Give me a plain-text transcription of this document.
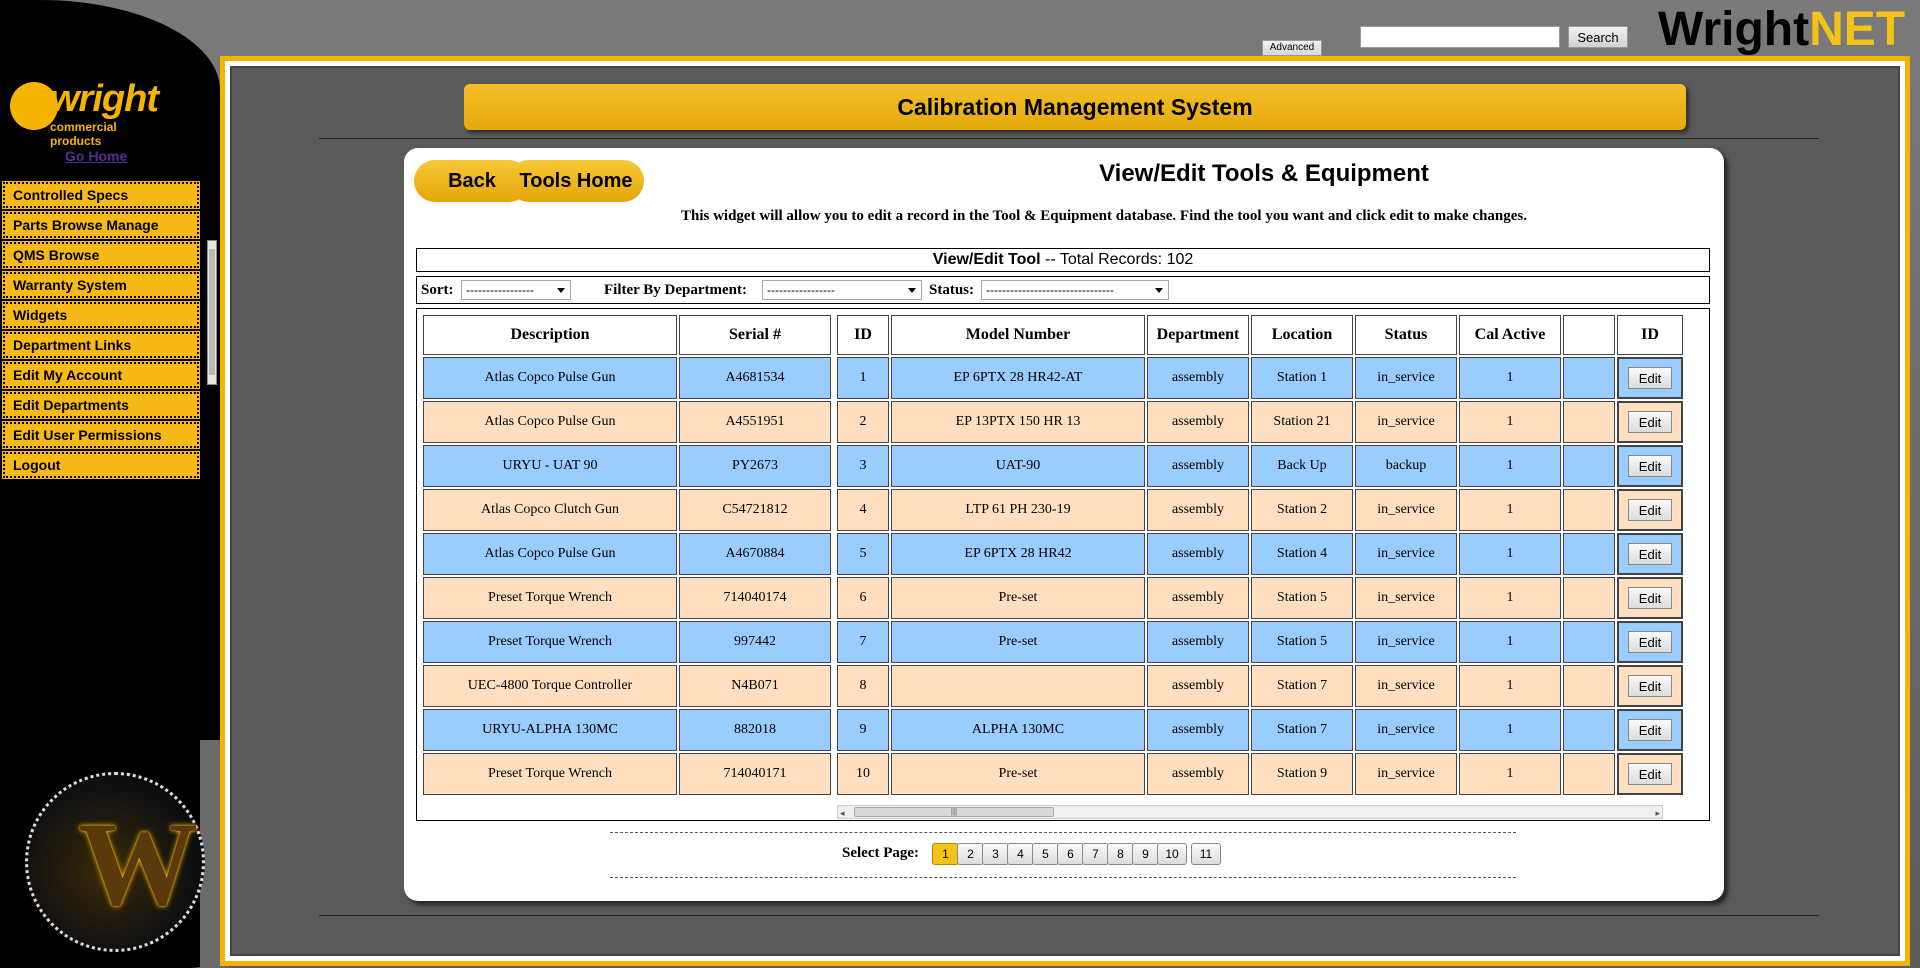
wright
commercial products
Go Home
Controlled Specs
Parts Browse Manage
QMS Browse
Warranty System
Widgets
Department Links
Edit My Account
Edit Departments
Edit User Permissions
Logout
W
Advanced
Search WrightNET
Calibration Management System
Back	Tools Home	View/Edit Tools & Equipment
This widget will allow you to edit a record in the Tool & Equipment database. Find the tool you want and click edit to make changes.
View/Edit Tool -- Total Records: 102
Sort:	-----------------	Filter By Department:	-----------------	Status: --------------------------------
Description	Serial #		ID	Model Number	Department	Location	Status	Cal Active		ID
Atlas Copco Pulse Gun	A4681534		1	EP 6PTX 28 HR42-AT	assembly	Station 1	in_service	1		Edit
Atlas Copco Pulse Gun	A4551951		2	EP 13PTX 150 HR 13	assembly	Station 21	in_service	1		Edit
URYU - UAT 90	PY2673		3	UAT-90	assembly	Back Up	backup	1		Edit
Atlas Copco Clutch Gun	C54721812		4	LTP 61 PH 230-19	assembly	Station 2	in_service	1		Edit
Atlas Copco Pulse Gun	A4670884		5	EP 6PTX 28 HR42	assembly	Station 4	in_service	1		Edit
Preset Torque Wrench	714040174		6	Pre-set	assembly	Station 5	in_service	1		Edit
Preset Torque Wrench	997442		7	Pre-set	assembly	Station 5	in_service	1		Edit
UEC-4800 Torque Controller	N4B071		8		assembly	Station 7	in_service	1		Edit
URYU-ALPHA 130MC	882018		9	ALPHA 130MC	assembly	Station 7	in_service	1		Edit
Preset Torque Wrench	714040171		10	Pre-set	assembly	Station 9	in_service	1		Edit
◂	|||	▸
Select Page:	1	2	3	4	5	6	7	8	9	10	11
